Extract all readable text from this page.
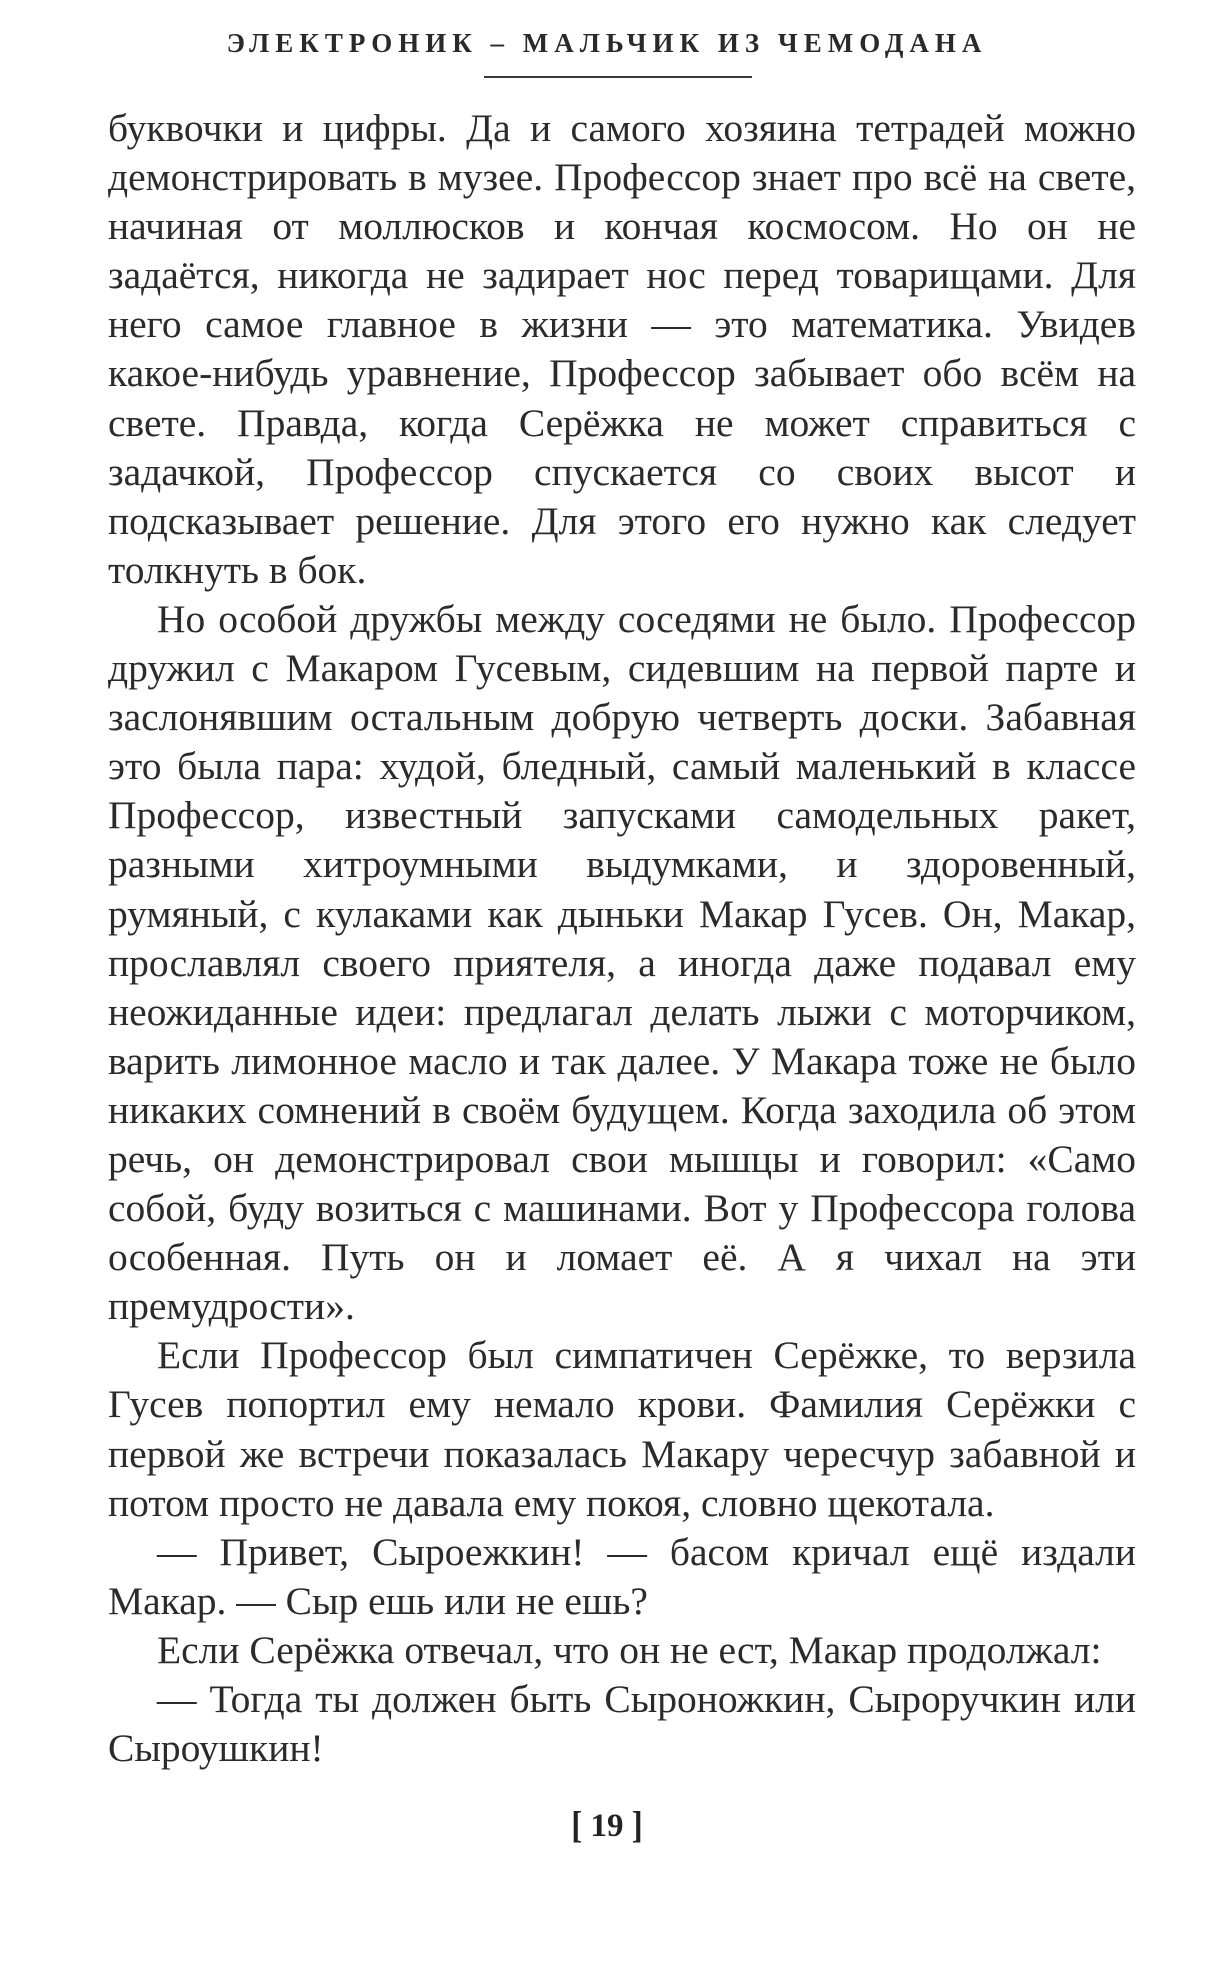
ЭЛЕКТРОНИК – МАЛЬЧИК ИЗ ЧЕМОДАНА

буквочки и цифры. Да и самого хозяина тетрадей можно демонстрировать в музее. Профессор знает про всё на свете, начиная от моллюсков и кончая космосом. Но он не задаётся, никогда не задирает нос перед товарищами. Для него самое главное в жизни — это математика. Увидев какое-нибудь уравнение, Профессор забывает обо всём на свете. Правда, когда Серёжка не может справиться с задачкой, Профессор спускается со своих высот и подсказывает решение. Для этого его нужно как следует толкнуть в бок.

Но особой дружбы между соседями не было. Профессор дружил с Макаром Гусевым, сидевшим на первой парте и заслонявшим остальным добрую четверть доски. Забавная это была пара: худой, бледный, самый маленький в классе Профессор, известный запусками самодельных ракет, разными хитроумными выдумками, и здоровенный, румяный, с кулаками как дыньки Макар Гусев. Он, Макар, прославлял своего приятеля, а иногда даже подавал ему неожиданные идеи: предлагал делать лыжи с моторчиком, варить лимонное масло и так далее. У Макара тоже не было никаких сомнений в своём будущем. Когда заходила об этом речь, он демонстрировал свои мышцы и говорил: «Само собой, буду возиться с машинами. Вот у Профессора голова особенная. Путь он и ломает её. А я чихал на эти премудрости».

Если Профессор был симпатичен Серёжке, то верзила Гусев попортил ему немало крови. Фамилия Серёжки с первой же встречи показалась Макару чересчур забавной и потом просто не давала ему покоя, словно щекотала.

— Привет, Сыроежкин! — басом кричал ещё издали Макар. — Сыр ешь или не ешь?

Если Серёжка отвечал, что он не ест, Макар продолжал:

— Тогда ты должен быть Сыроножкин, Сыроручкин или Сыроушкин!

[ 19 ]
